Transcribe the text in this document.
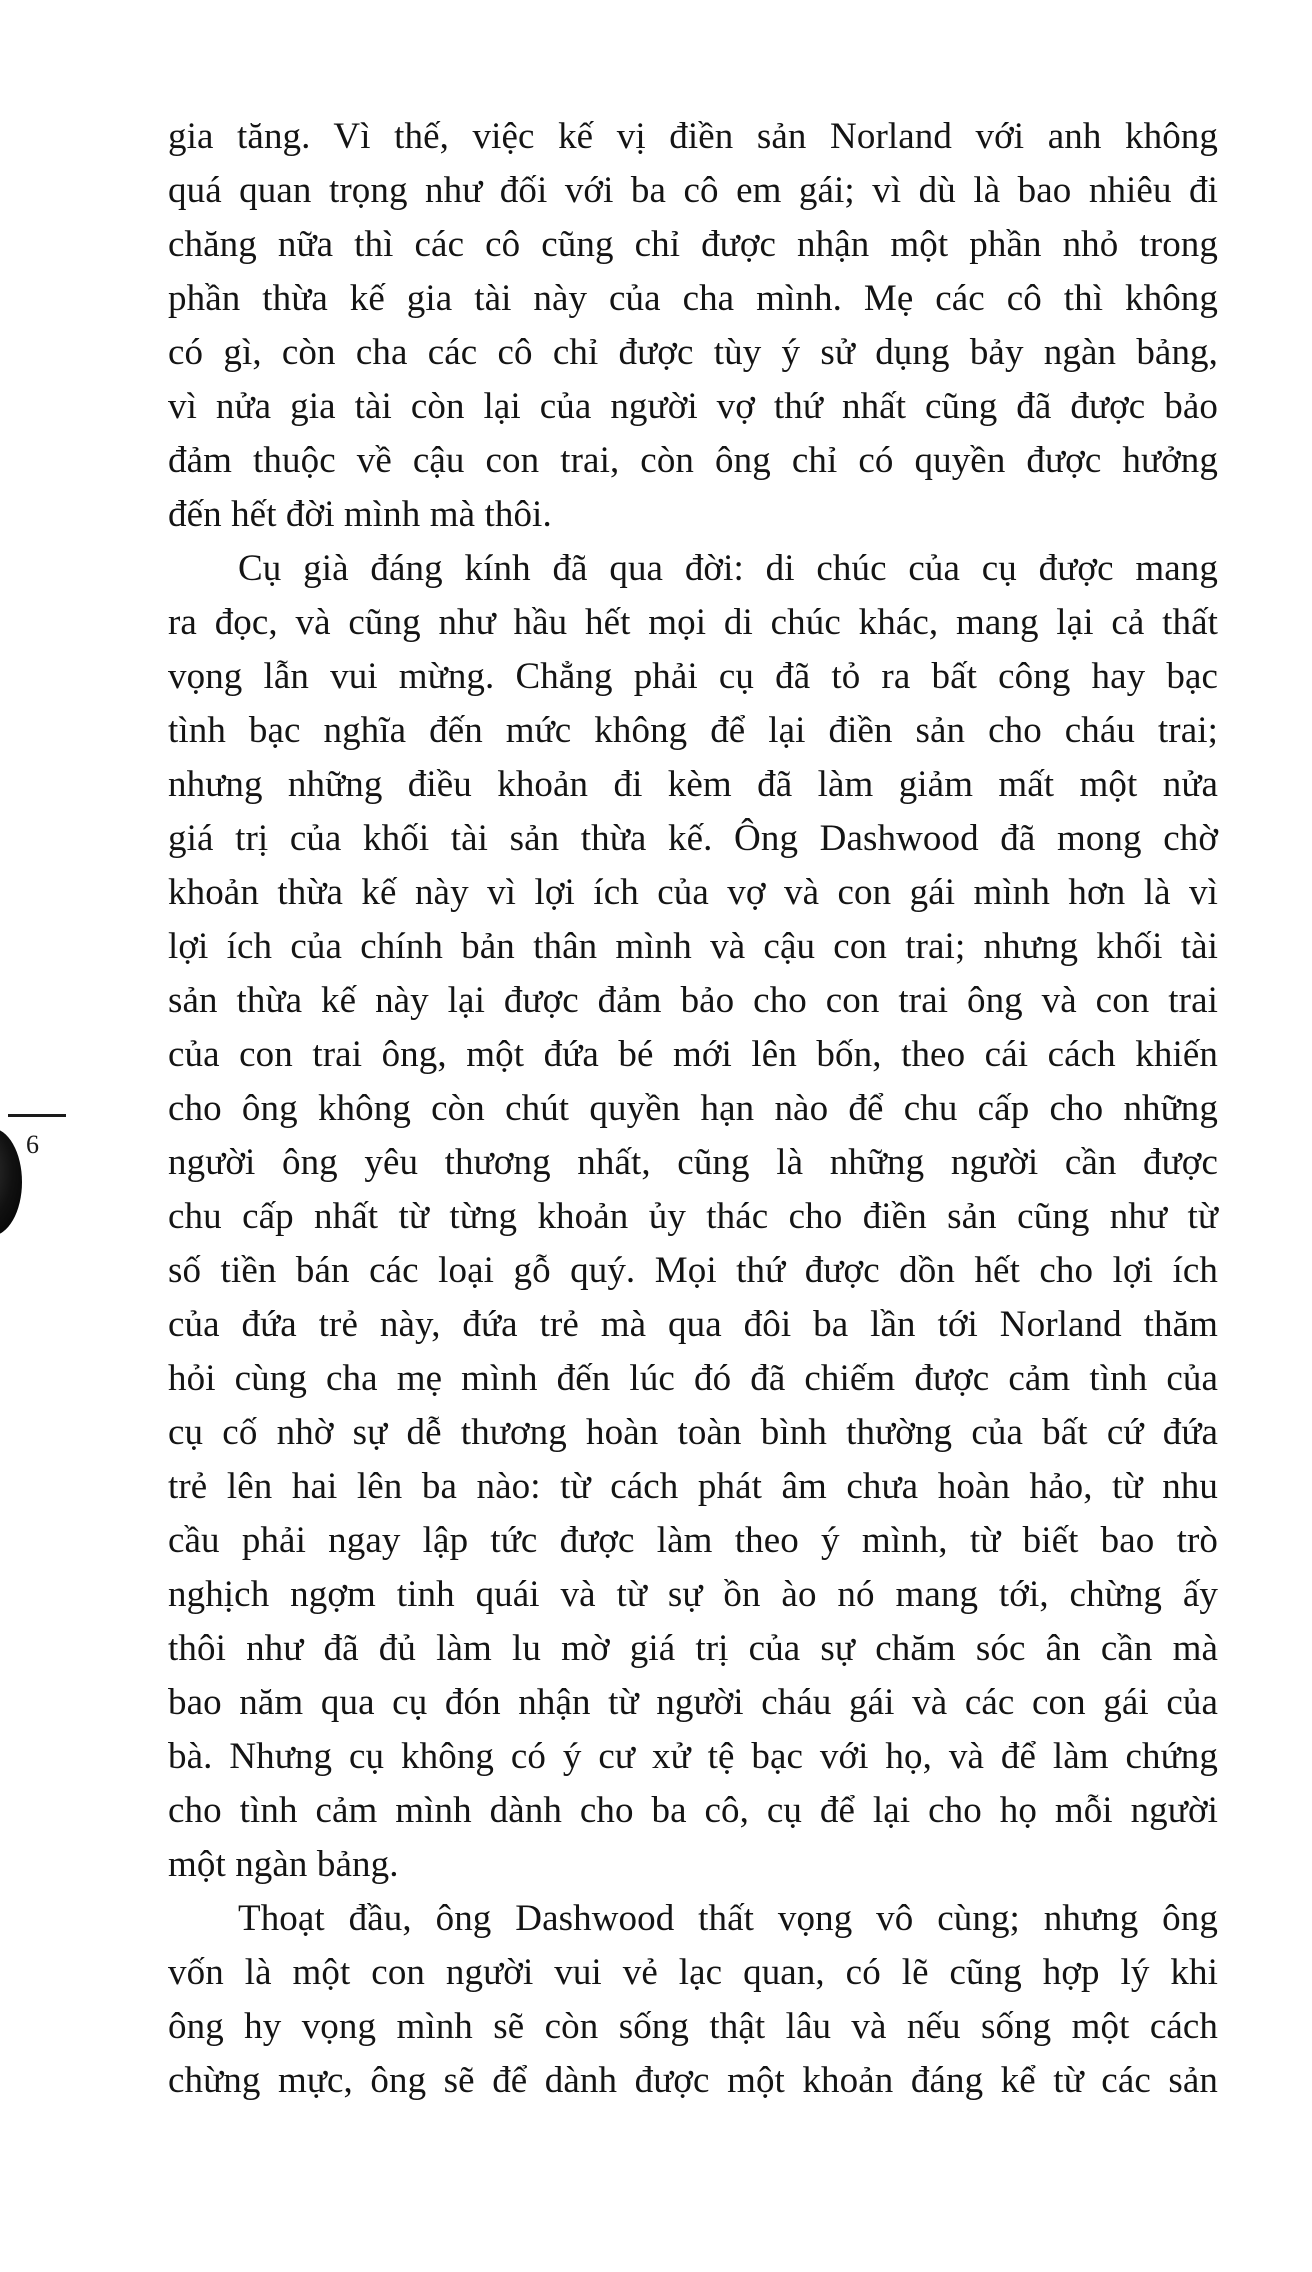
6
gia tăng. Vì thế, việc kế vị điền sản Norland với anh không
quá quan trọng như đối với ba cô em gái; vì dù là bao nhiêu đi
chăng nữa thì các cô cũng chỉ được nhận một phần nhỏ trong
phần thừa kế gia tài này của cha mình. Mẹ các cô thì không
có gì, còn cha các cô chỉ được tùy ý sử dụng bảy ngàn bảng,
vì nửa gia tài còn lại của người vợ thứ nhất cũng đã được bảo
đảm thuộc về cậu con trai, còn ông chỉ có quyền được hưởng
đến hết đời mình mà thôi.
Cụ già đáng kính đã qua đời: di chúc của cụ được mang
ra đọc, và cũng như hầu hết mọi di chúc khác, mang lại cả thất
vọng lẫn vui mừng. Chẳng phải cụ đã tỏ ra bất công hay bạc
tình bạc nghĩa đến mức không để lại điền sản cho cháu trai;
nhưng những điều khoản đi kèm đã làm giảm mất một nửa
giá trị của khối tài sản thừa kế. Ông Dashwood đã mong chờ
khoản thừa kế này vì lợi ích của vợ và con gái mình hơn là vì
lợi ích của chính bản thân mình và cậu con trai; nhưng khối tài
sản thừa kế này lại được đảm bảo cho con trai ông và con trai
của con trai ông, một đứa bé mới lên bốn, theo cái cách khiến
cho ông không còn chút quyền hạn nào để chu cấp cho những
người ông yêu thương nhất, cũng là những người cần được
chu cấp nhất từ từng khoản ủy thác cho điền sản cũng như từ
số tiền bán các loại gỗ quý. Mọi thứ được dồn hết cho lợi ích
của đứa trẻ này, đứa trẻ mà qua đôi ba lần tới Norland thăm
hỏi cùng cha mẹ mình đến lúc đó đã chiếm được cảm tình của
cụ cố nhờ sự dễ thương hoàn toàn bình thường của bất cứ đứa
trẻ lên hai lên ba nào: từ cách phát âm chưa hoàn hảo, từ nhu
cầu phải ngay lập tức được làm theo ý mình, từ biết bao trò
nghịch ngợm tinh quái và từ sự ồn ào nó mang tới, chừng ấy
thôi như đã đủ làm lu mờ giá trị của sự chăm sóc ân cần mà
bao năm qua cụ đón nhận từ người cháu gái và các con gái của
bà. Nhưng cụ không có ý cư xử tệ bạc với họ, và để làm chứng
cho tình cảm mình dành cho ba cô, cụ để lại cho họ mỗi người
một ngàn bảng.
Thoạt đầu, ông Dashwood thất vọng vô cùng; nhưng ông
vốn là một con người vui vẻ lạc quan, có lẽ cũng hợp lý khi
ông hy vọng mình sẽ còn sống thật lâu và nếu sống một cách
chừng mực, ông sẽ để dành được một khoản đáng kể từ các sản
